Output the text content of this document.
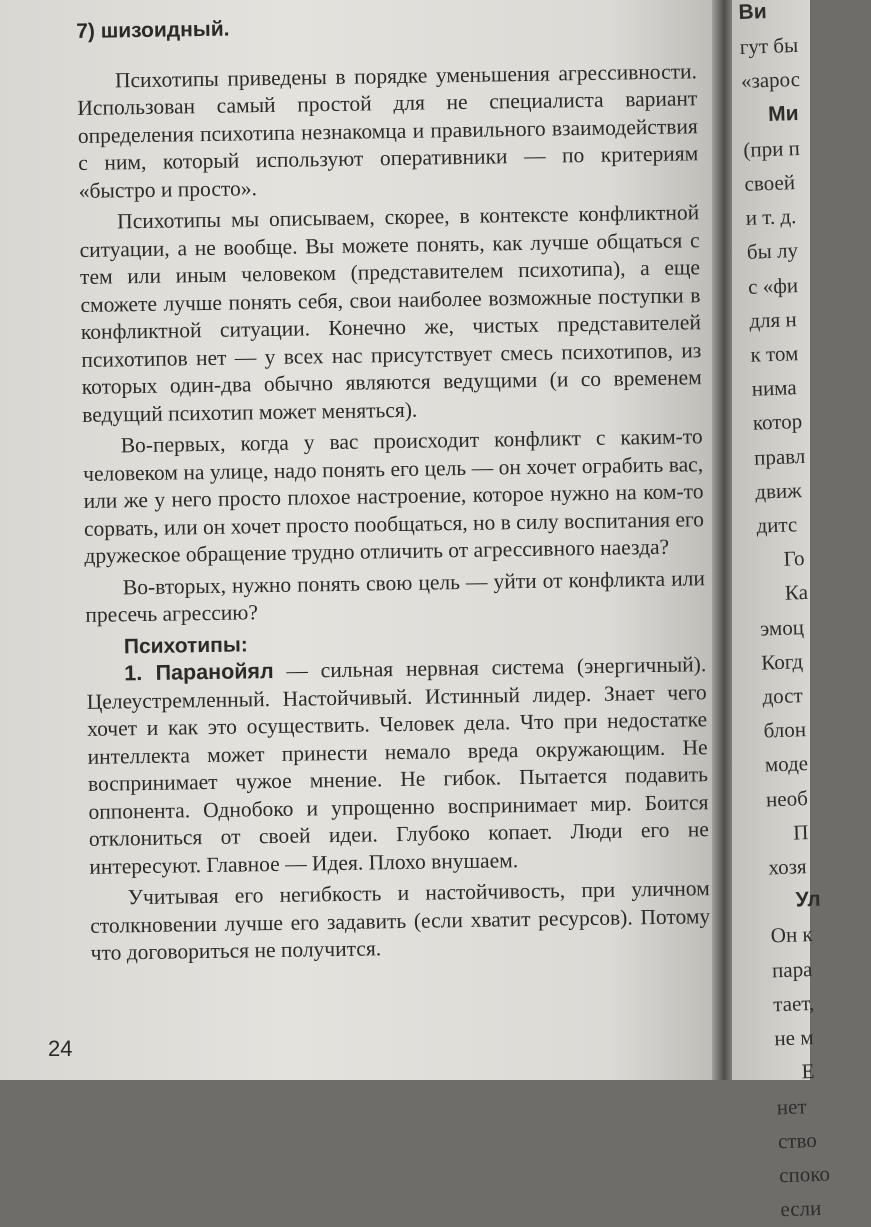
7) шизоидный.

Психотипы приведены в порядке уменьшения агрессивности. Использован самый простой для не специалиста вариант определения психотипа незнакомца и правильного взаимодействия с ним, который используют оперативники — по критериям «быстро и просто».

Психотипы мы описываем, скорее, в контексте конфликтной ситуации, а не вообще. Вы можете понять, как лучше общаться с тем или иным человеком (представителем психотипа), а еще сможете лучше понять себя, свои наиболее возможные поступки в конфликтной ситуации. Конечно же, чистых представителей психотипов нет — у всех нас присутствует смесь психотипов, из которых один-два обычно являются ведущими (и со временем ведущий психотип может меняться).

Во-первых, когда у вас происходит конфликт с каким-то человеком на улице, надо понять его цель — он хочет ограбить вас, или же у него просто плохое настроение, которое нужно на ком-то сорвать, или он хочет просто пообщаться, но в силу воспитания его дружеское обращение трудно отличить от агрессивного наезда?

Во-вторых, нужно понять свою цель — уйти от конфликта или пресечь агрессию?

Психотипы:

1. Паранойял — сильная нервная система (энергичный). Целеустремленный. Настойчивый. Истинный лидер. Знает чего хочет и как это осуществить. Человек дела. Что при недостатке интеллекта может принести немало вреда окружающим. Не воспринимает чужое мнение. Не гибок. Пытается подавить оппонента. Однобоко и упрощенно воспринимает мир. Боится отклониться от своей идеи. Глубоко копает. Люди его не интересуют. Главное — Идея. Плохо внушаем.

Учитывая его негибкость и настойчивость, при уличном столкновении лучше его задавить (если хватит ресурсов). Потому что договориться не получится.

24
Ви
гут бы
«зарос
Ми
(при п
своей
и т. д.
бы лу
с «фи
для н
к том
нима
котор
правл
движ
дитс
Го
Ка
эмоц
Когд
дост
блон
моде
необ
П
хозя
Ул
Он к
пара
тает,
не м
Е
нет
ство
споко
если
